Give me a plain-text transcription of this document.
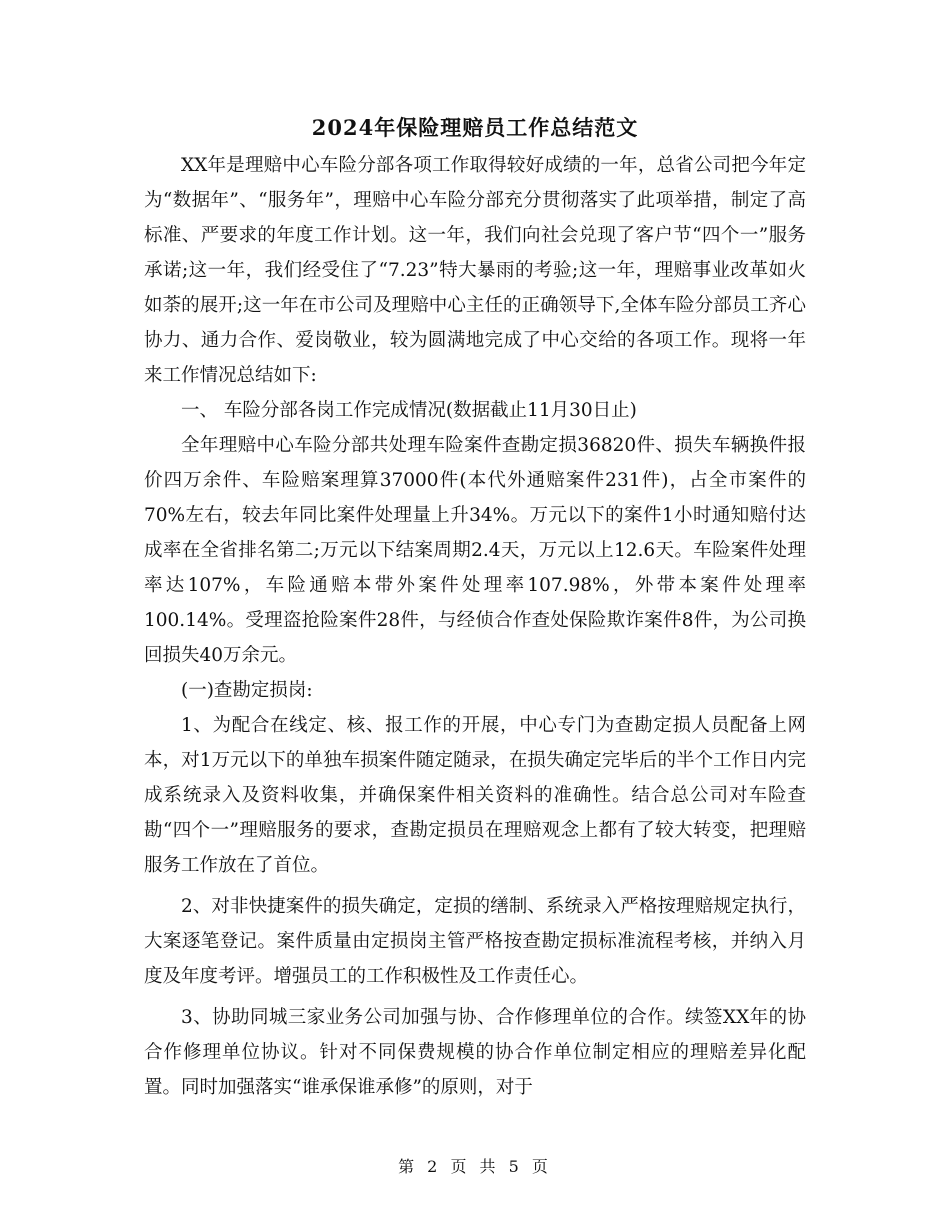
2024年保险理赔员工作总结范文

XX年是理赔中心车险分部各项工作取得较好成绩的一年，总省公司把今年定为“数据年”、“服务年”，理赔中心车险分部充分贯彻落实了此项举措，制定了高标准、严要求的年度工作计划。这一年，我们向社会兑现了客户节“四个一”服务承诺;这一年，我们经受住了“7.23”特大暴雨的考验;这一年，理赔事业改革如火如荼的展开;这一年在市公司及理赔中心主任的正确领导下,全体车险分部员工齐心协力、通力合作、爱岗敬业，较为圆满地完成了中心交给的各项工作。现将一年来工作情况总结如下:

一、 车险分部各岗工作完成情况(数据截止11月30日止)

全年理赔中心车险分部共处理车险案件查勘定损36820件、损失车辆换件报价四万余件、车险赔案理算37000件(本代外通赔案件231件)，占全市案件的70%左右，较去年同比案件处理量上升34%。万元以下的案件1小时通知赔付达成率在全省排名第二;万元以下结案周期2.4天，万元以上12.6天。车险案件处理率达107%，车险通赔本带外案件处理率107.98%，外带本案件处理率100.14%。受理盗抢险案件28件，与经侦合作查处保险欺诈案件8件，为公司换回损失40万余元。

(一)查勘定损岗:

1、为配合在线定、核、报工作的开展，中心专门为查勘定损人员配备上网本，对1万元以下的单独车损案件随定随录，在损失确定完毕后的半个工作日内完成系统录入及资料收集，并确保案件相关资料的准确性。结合总公司对车险查勘“四个一”理赔服务的要求，查勘定损员在理赔观念上都有了较大转变，把理赔服务工作放在了首位。

2、对非快捷案件的损失确定，定损的缮制、系统录入严格按理赔规定执行，大案逐笔登记。案件质量由定损岗主管严格按查勘定损标准流程考核，并纳入月度及年度考评。增强员工的工作积极性及工作责任心。

3、协助同城三家业务公司加强与协、合作修理单位的合作。续签XX年的协合作修理单位协议。针对不同保费规模的协合作单位制定相应的理赔差异化配置。同时加强落实“谁承保谁承修”的原则，对于

第 2 页 共 5 页
